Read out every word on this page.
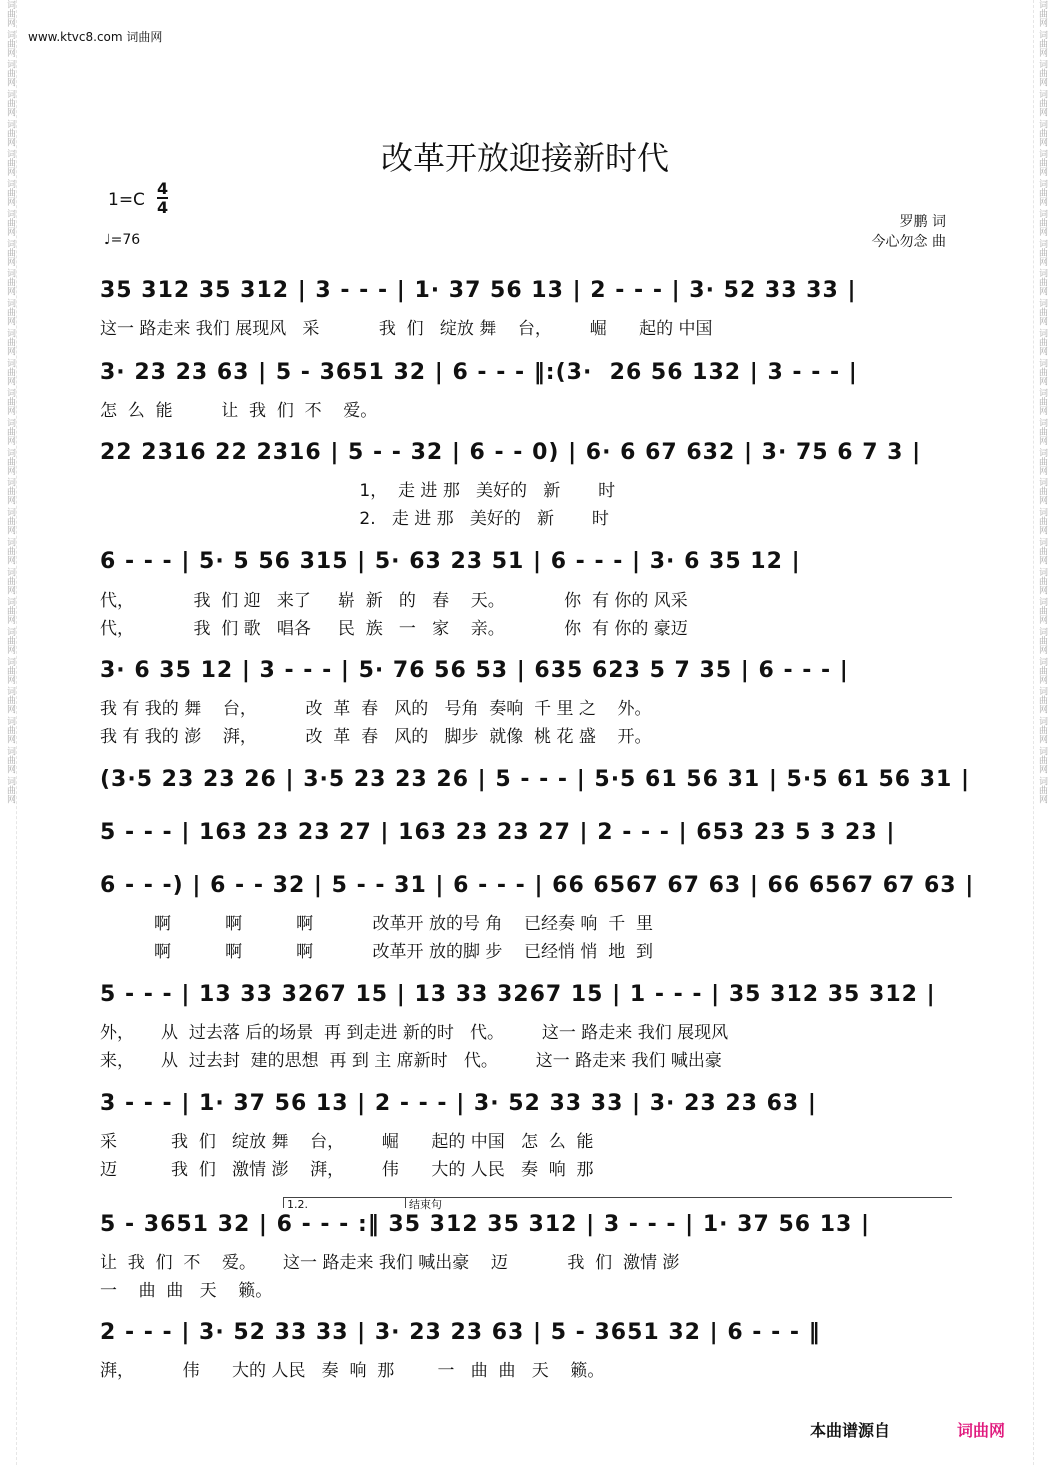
词曲网 词曲网 词曲网 词曲网 词曲网 词曲网 词曲网 词曲网 词曲网 词曲网 词曲网 词曲网 词曲网 词曲网 词曲网 词曲网 词曲网 词曲网 词曲网 词曲网 词曲网 词曲网 词曲网 词曲网 词曲网 词曲网 词曲网	词曲网 词曲网 词曲网 词曲网 词曲网 词曲网 词曲网 词曲网 词曲网 词曲网 词曲网 词曲网 词曲网 词曲网 词曲网 词曲网 词曲网 词曲网 词曲网 词曲网 词曲网 词曲网 词曲网 词曲网 词曲网 词曲网 词曲网
www.ktvc8.com 词曲网
改革开放迎接新时代
1=C
4
4
♩=76
罗鹏 词
今心勿念 曲
35 312 35 312 | 3 - - - | 1· 37 56 13 | 2 - - - | 3· 52 33 33 |
这一 路走来 我们 展现风   采           我  们   绽放 舞    台，       崛      起的 中国
3· 23 23 63 | 5 - 3651 32 | 6 - - - ‖:(3·  26 56 132 | 3 - - - |
怎  么  能         让  我  们  不    爱。
22 2316 22 2316 | 5 - - 32 | 6 - - 0) | 6· 6 67 632 | 3· 75 6 7 3 |
1，  走 进 那   美好的   新       时
2.   走 进 那   美好的   新       时
6 - - - | 5· 5 56 315 | 5· 63 23 51 | 6 - - - | 3· 6 35 12 |
代，           我  们 迎   来了     崭  新   的   春    天。           你  有 你的 风采
代，           我  们 歌   唱各     民  族   一   家    亲。           你  有 你的 豪迈
3· 6 35 12 | 3 - - - | 5· 76 56 53 | 635 623 5 7 35 | 6 - - - |
我 有 我的 舞    台，         改  革  春   风的   号角  奏响  千 里 之    外。
我 有 我的 澎    湃，         改  革  春   风的   脚步  就像  桃 花 盛    开。
(3·5 23 23 26 | 3·5 23 23 26 | 5 - - - | 5·5 61 56 31 | 5·5 61 56 31 |
5 - - - | 163 23 23 27 | 163 23 23 27 | 2 - - - | 653 23 5 3 23 |
6 - - -) | 6 - - 32 | 5 - - 31 | 6 - - - | 66 6567 67 63 | 66 6567 67 63 |
啊          啊          啊           改革开 放的号 角    已经奏 响  千  里
啊          啊          啊           改革开 放的脚 步    已经悄 悄  地  到
5 - - - | 13 33 3267 15 | 13 33 3267 15 | 1 - - - | 35 312 35 312 |
外，     从  过去落 后的场景  再 到走进 新的时   代。       这一 路走来 我们 展现风
来，     从  过去封  建的思想  再 到 主 席新时   代。       这一 路走来 我们 喊出豪
3 - - - | 1· 37 56 13 | 2 - - - | 3· 52 33 33 | 3· 23 23 63 |
采          我  们   绽放 舞    台，       崛      起的 中国   怎  么  能
迈          我  们   激情 澎    湃，       伟      大的 人民   奏  响  那
1.2.	结束句
5 - 3651 32 | 6 - - - :‖ 35 312 35 312 | 3 - - - | 1· 37 56 13 |
让  我  们  不    爱。     这一 路走来 我们 喊出豪    迈           我  们  激情 澎
一    曲  曲   天    籁。
2 - - - | 3· 52 33 33 | 3· 23 23 63 | 5 - 3651 32 | 6 - - - ‖
湃，         伟      大的 人民   奏  响  那        一   曲  曲   天    籁。
本曲谱源自	词曲网
